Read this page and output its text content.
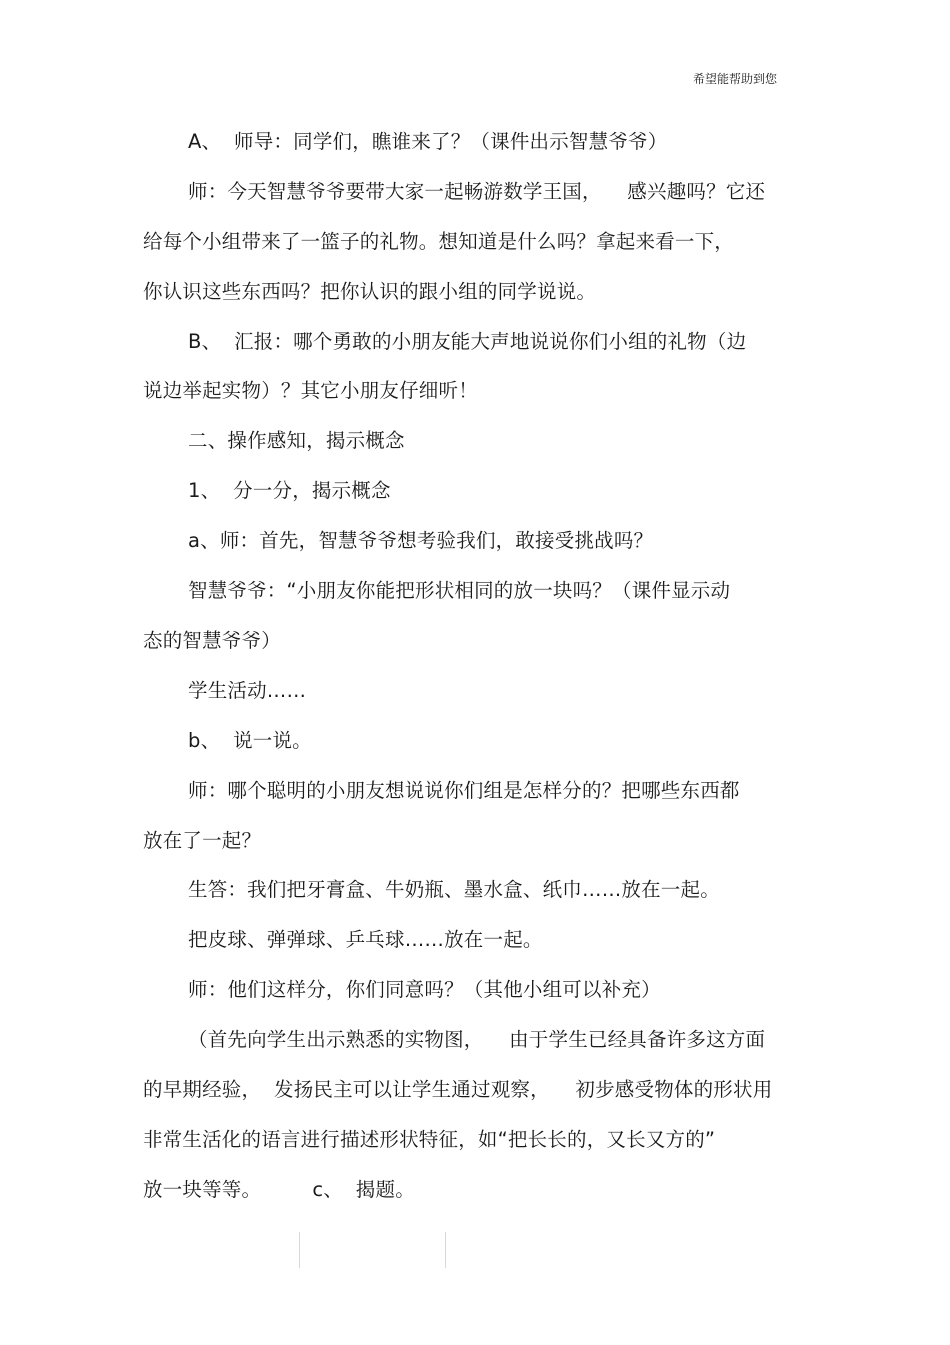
希望能帮助到您
A、  师导：同学们，瞧谁来了？（课件出示智慧爷爷）
师：今天智慧爷爷要带大家一起畅游数学王国，    感兴趣吗？它还
给每个小组带来了一篮子的礼物。想知道是什么吗？拿起来看一下，
你认识这些东西吗？把你认识的跟小组的同学说说。
B、  汇报：哪个勇敢的小朋友能大声地说说你们小组的礼物（边
说边举起实物）？其它小朋友仔细听！
二、操作感知，揭示概念
1、  分一分，揭示概念
a、师：首先，智慧爷爷想考验我们，敢接受挑战吗？
智慧爷爷：“小朋友你能把形状相同的放一块吗？（课件显示动
态的智慧爷爷）
学生活动……
b、  说一说。
师：哪个聪明的小朋友想说说你们组是怎样分的？把哪些东西都
放在了一起？
生答：我们把牙膏盒、牛奶瓶、墨水盒、纸巾……放在一起。
把皮球、弹弹球、乒乓球……放在一起。
师：他们这样分，你们同意吗？（其他小组可以补充）
（首先向学生出示熟悉的实物图，    由于学生已经具备许多这方面
的早期经验，  发扬民主可以让学生通过观察，    初步感受物体的形状用
非常生活化的语言进行描述形状特征，如“把长长的，又长又方的”
放一块等等。        c、  揭题。
